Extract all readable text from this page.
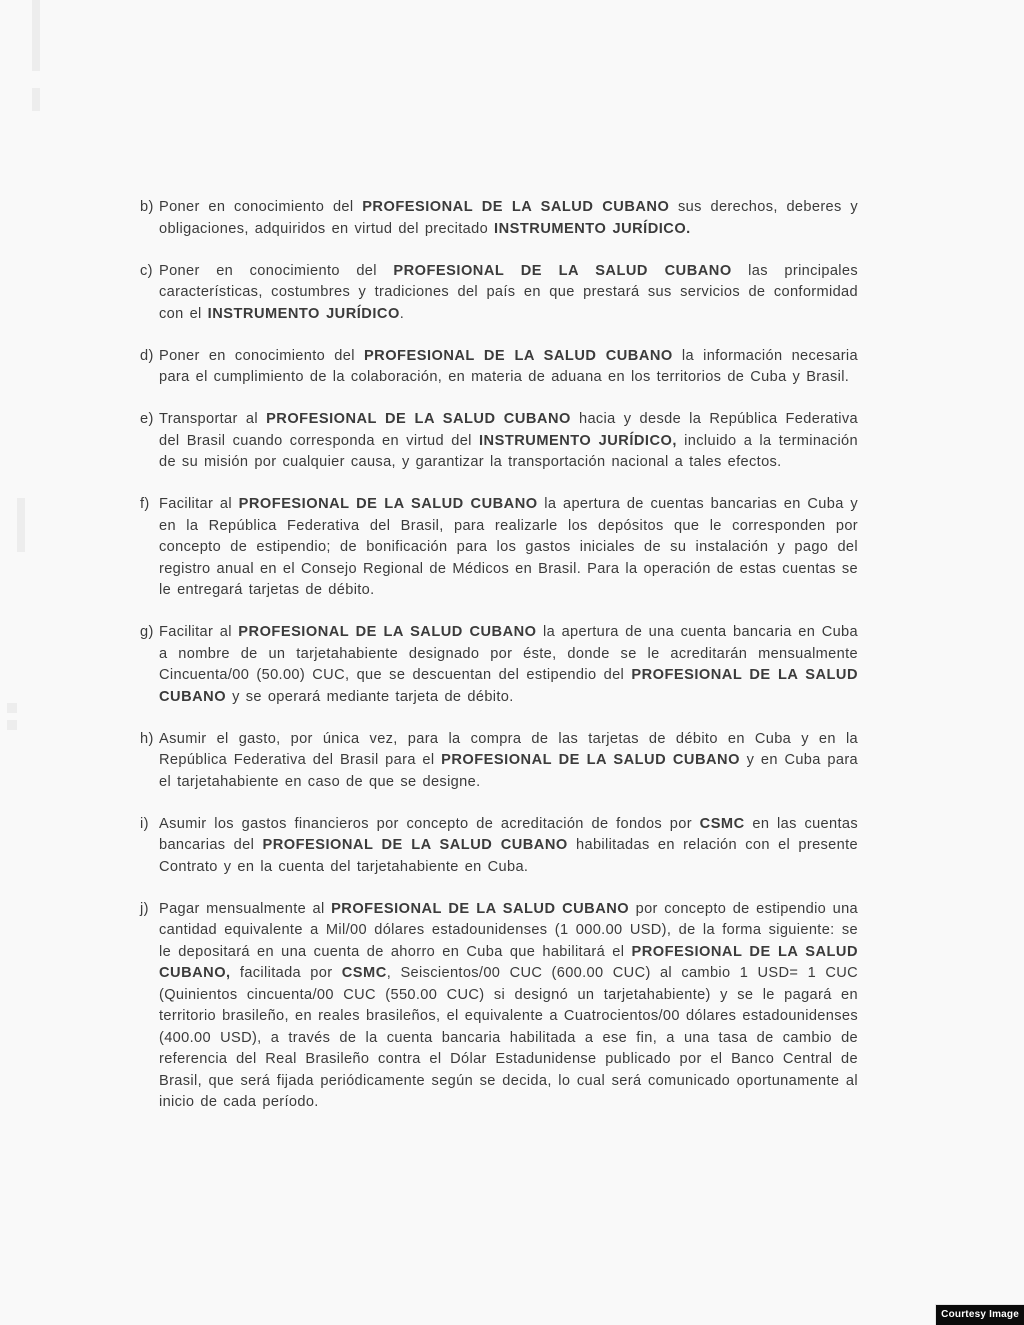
b) Poner en conocimiento del PROFESIONAL DE LA SALUD CUBANO sus derechos, deberes y obligaciones, adquiridos en virtud del precitado INSTRUMENTO JURÍDICO.
c) Poner en conocimiento del PROFESIONAL DE LA SALUD CUBANO las principales características, costumbres y tradiciones del país en que prestará sus servicios de conformidad con el INSTRUMENTO JURÍDICO.
d) Poner en conocimiento del PROFESIONAL DE LA SALUD CUBANO la información necesaria para el cumplimiento de la colaboración, en materia de aduana en los territorios de Cuba y Brasil.
e) Transportar al PROFESIONAL DE LA SALUD CUBANO hacia y desde la República Federativa del Brasil cuando corresponda en virtud del INSTRUMENTO JURÍDICO, incluido a la terminación de su misión por cualquier causa, y garantizar la transportación nacional a tales efectos.
f) Facilitar al PROFESIONAL DE LA SALUD CUBANO la apertura de cuentas bancarias en Cuba y en la República Federativa del Brasil, para realizarle los depósitos que le corresponden por concepto de estipendio; de bonificación para los gastos iniciales de su instalación y pago del registro anual en el Consejo Regional de Médicos en Brasil. Para la operación de estas cuentas se le entregará tarjetas de débito.
g) Facilitar al PROFESIONAL DE LA SALUD CUBANO la apertura de una cuenta bancaria en Cuba a nombre de un tarjetahabiente designado por éste, donde se le acreditarán mensualmente Cincuenta/00 (50.00) CUC, que se descuentan del estipendio del PROFESIONAL DE LA SALUD CUBANO y se operará mediante tarjeta de débito.
h) Asumir el gasto, por única vez, para la compra de las tarjetas de débito en Cuba y en la República Federativa del Brasil para el PROFESIONAL DE LA SALUD CUBANO y en Cuba para el tarjetahabiente en caso de que se designe.
i) Asumir los gastos financieros por concepto de acreditación de fondos por CSMC en las cuentas bancarias del PROFESIONAL DE LA SALUD CUBANO habilitadas en relación con el presente Contrato y en la cuenta del tarjetahabiente en Cuba.
j) Pagar mensualmente al PROFESIONAL DE LA SALUD CUBANO por concepto de estipendio una cantidad equivalente a Mil/00 dólares estadounidenses (1 000.00 USD), de la forma siguiente: se le depositará en una cuenta de ahorro en Cuba que habilitará el PROFESIONAL DE LA SALUD CUBANO, facilitada por CSMC, Seiscientos/00 CUC (600.00 CUC) al cambio 1 USD= 1 CUC (Quinientos cincuenta/00 CUC (550.00 CUC) si designó un tarjetahabiente) y se le pagará en territorio brasileño, en reales brasileños, el equivalente a Cuatrocientos/00 dólares estadounidenses (400.00 USD), a través de la cuenta bancaria habilitada a ese fin, a una tasa de cambio de referencia del Real Brasileño contra el Dólar Estadunidense publicado por el Banco Central de Brasil, que será fijada periódicamente según se decida, lo cual será comunicado oportunamente al inicio de cada período.
Courtesy Image
